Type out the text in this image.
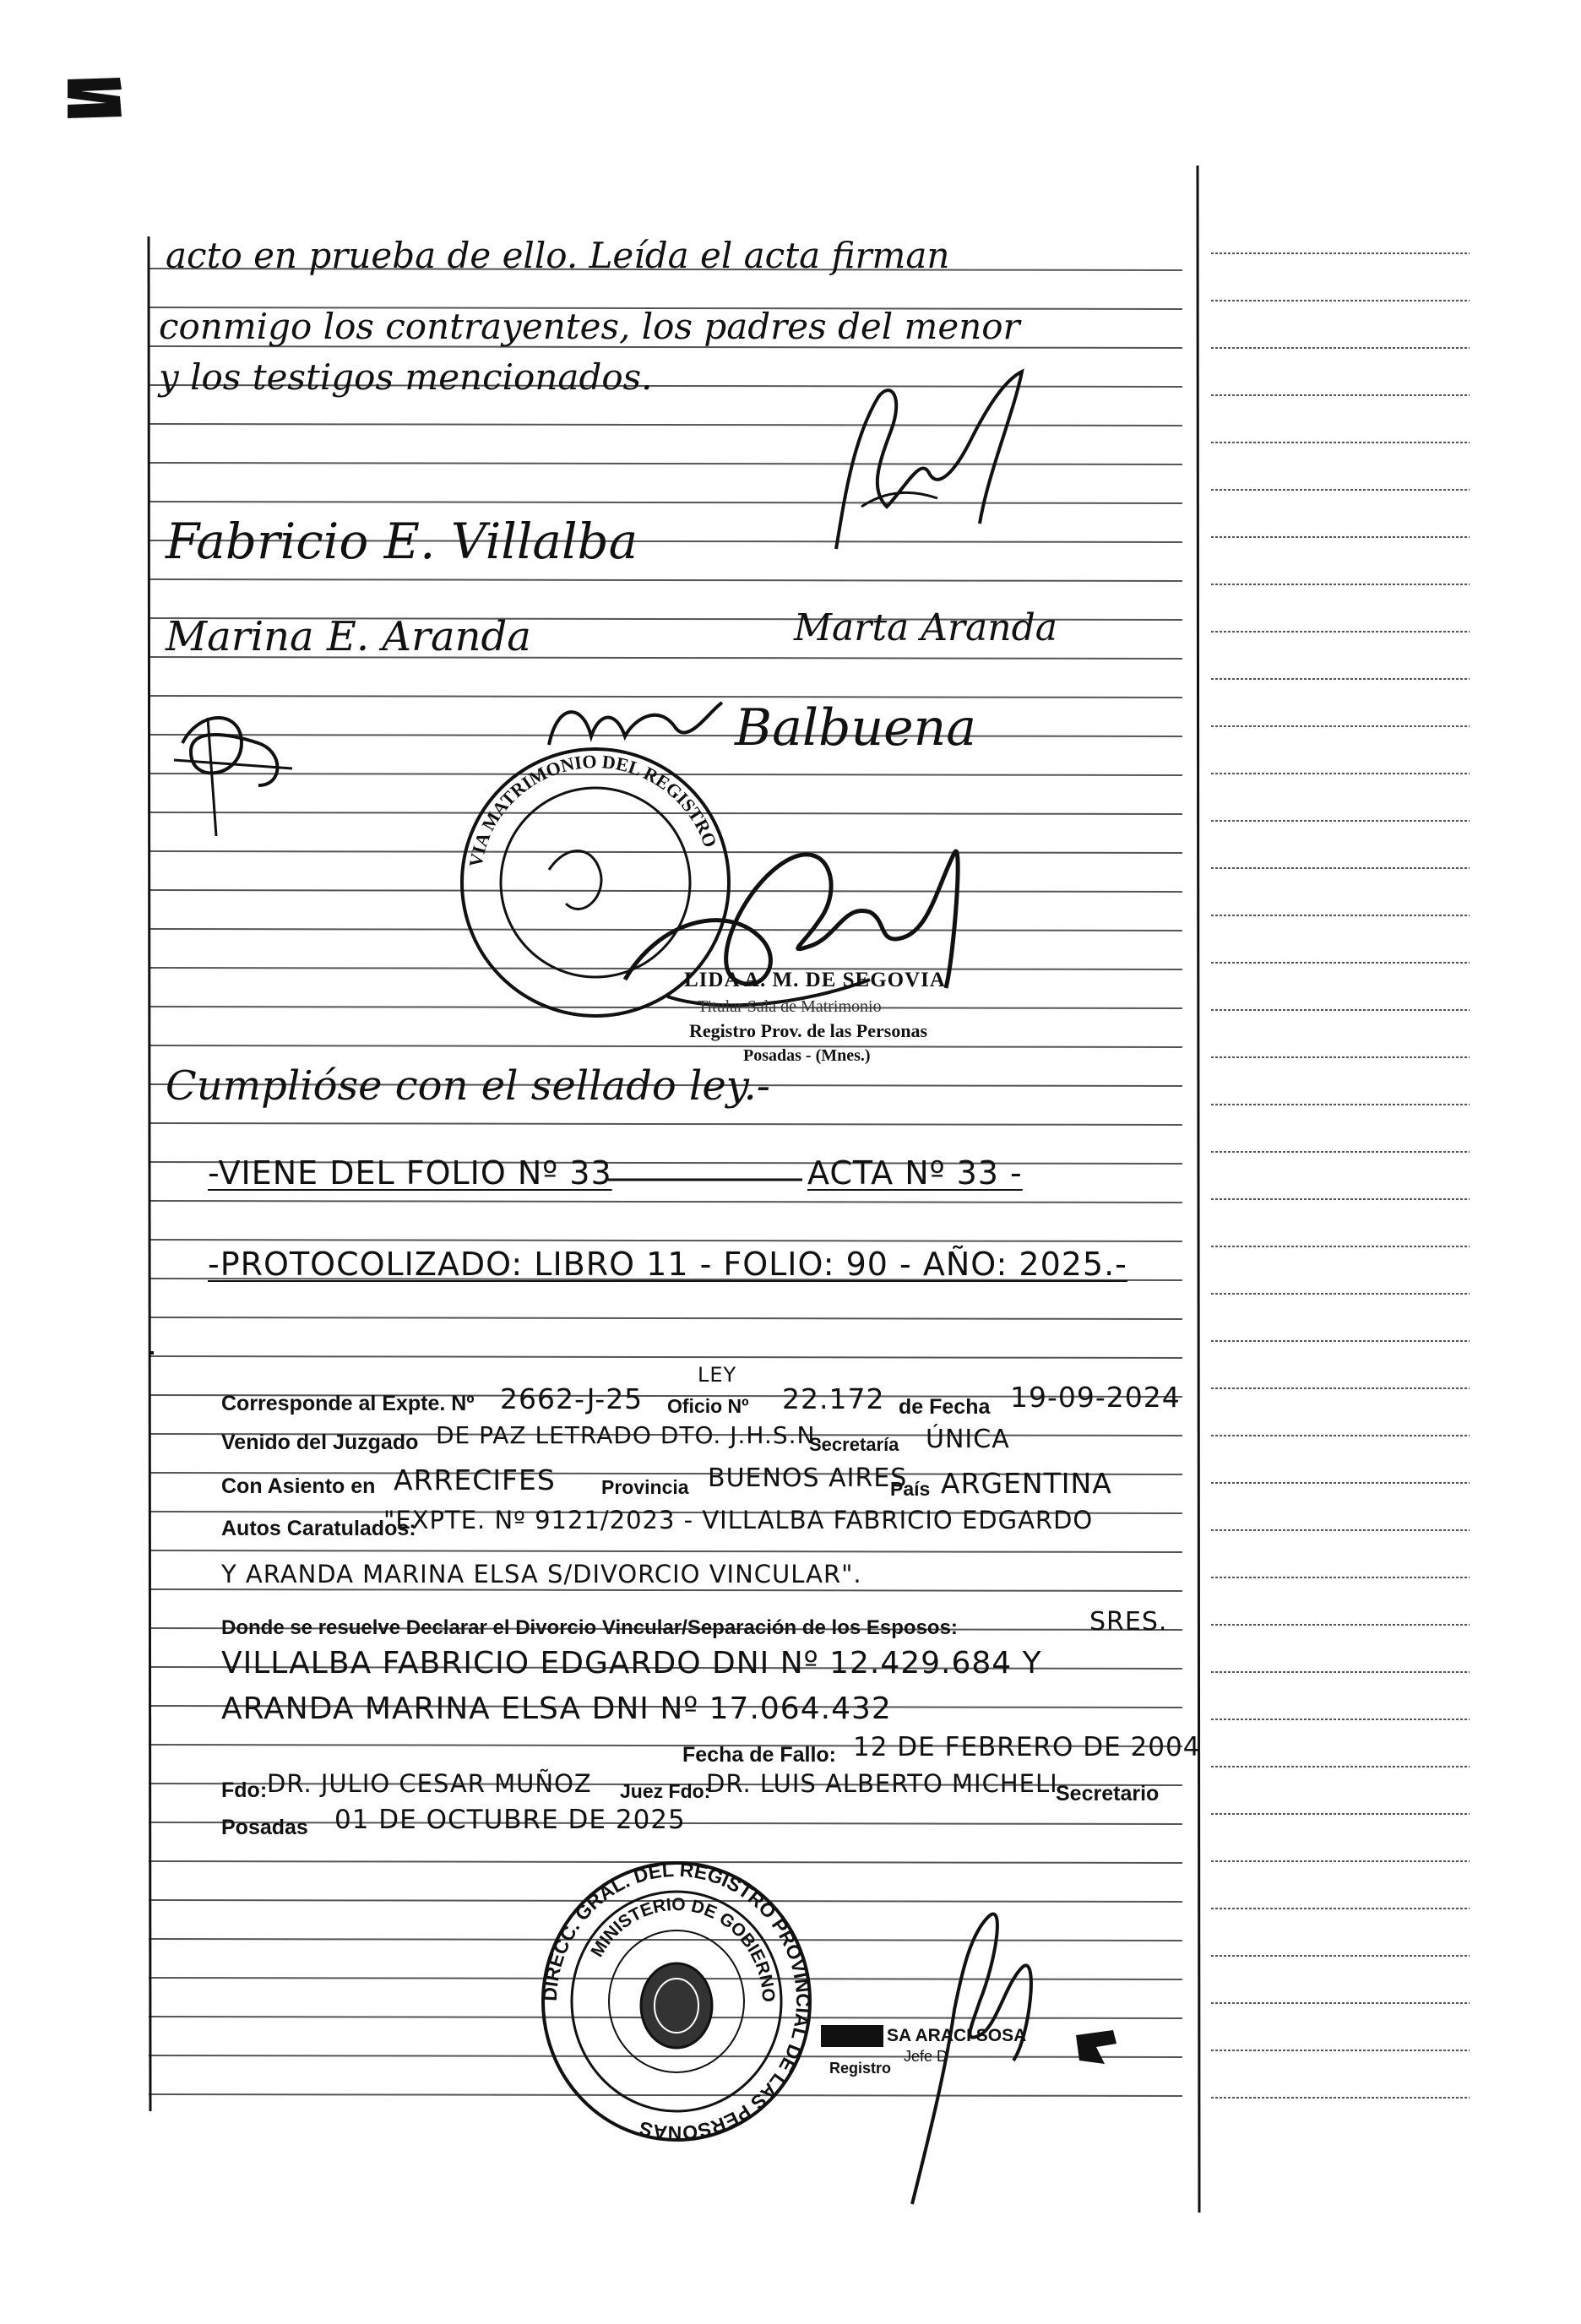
acto en prueba de ello. Leída el acta firman
conmigo los contrayentes, los padres del menor
y los testigos mencionados.
Fabricio E. Villalba
Marina E. Aranda	Marta Aranda
Balbuena
VIA MATRIMONIO DEL REGISTRO
LIDA A. M. DE SEGOVIA
Titular Sala de Matrimonio
Registro Prov. de las Personas
Posadas - (Mnes.)
Cumplióse con el sellado ley.-
-VIENE DEL FOLIO Nº 33	ACTA Nº 33 -
-PROTOCOLIZADO: LIBRO 11 - FOLIO: 90 - AÑO: 2025.-
Corresponde al Expte. Nº 2662-J-25 Oficio Nº
LEY
22.172 de Fecha 19-09-2024
Venido del Juzgado DE PAZ LETRADO DTO. J.H.S.N.
Secretaría ÚNICA
Con Asiento en ARRECIFES Provincia BUENOS AIRES
País ARGENTINA
Autos Caratulados:
"EXPTE. Nº 9121/2023 - VILLALBA FABRICIO EDGARDO
Y ARANDA MARINA ELSA S/DIVORCIO VINCULAR".
Donde se resuelve Declarar el Divorcio Vincular/Separación de los Esposos:	SRES.
VILLALBA FABRICIO EDGARDO DNI Nº 12.429.684 Y
ARANDA MARINA ELSA DNI Nº 17.064.432
Fecha de Fallo: 12 DE FEBRERO DE 2004
Fdo: DR. JULIO CESAR MUÑOZ Juez Fdo:
DR. LUIS ALBERTO MICHELI
Secretario
Posadas 01 DE OCTUBRE DE 2025
DIRECC. GRAL. DEL REGISTRO PROVINCIAL DE LAS PERSONAS
MINISTERIO DE GOBIERNO
SA ARACI SOSA
Jefe D
Registro
